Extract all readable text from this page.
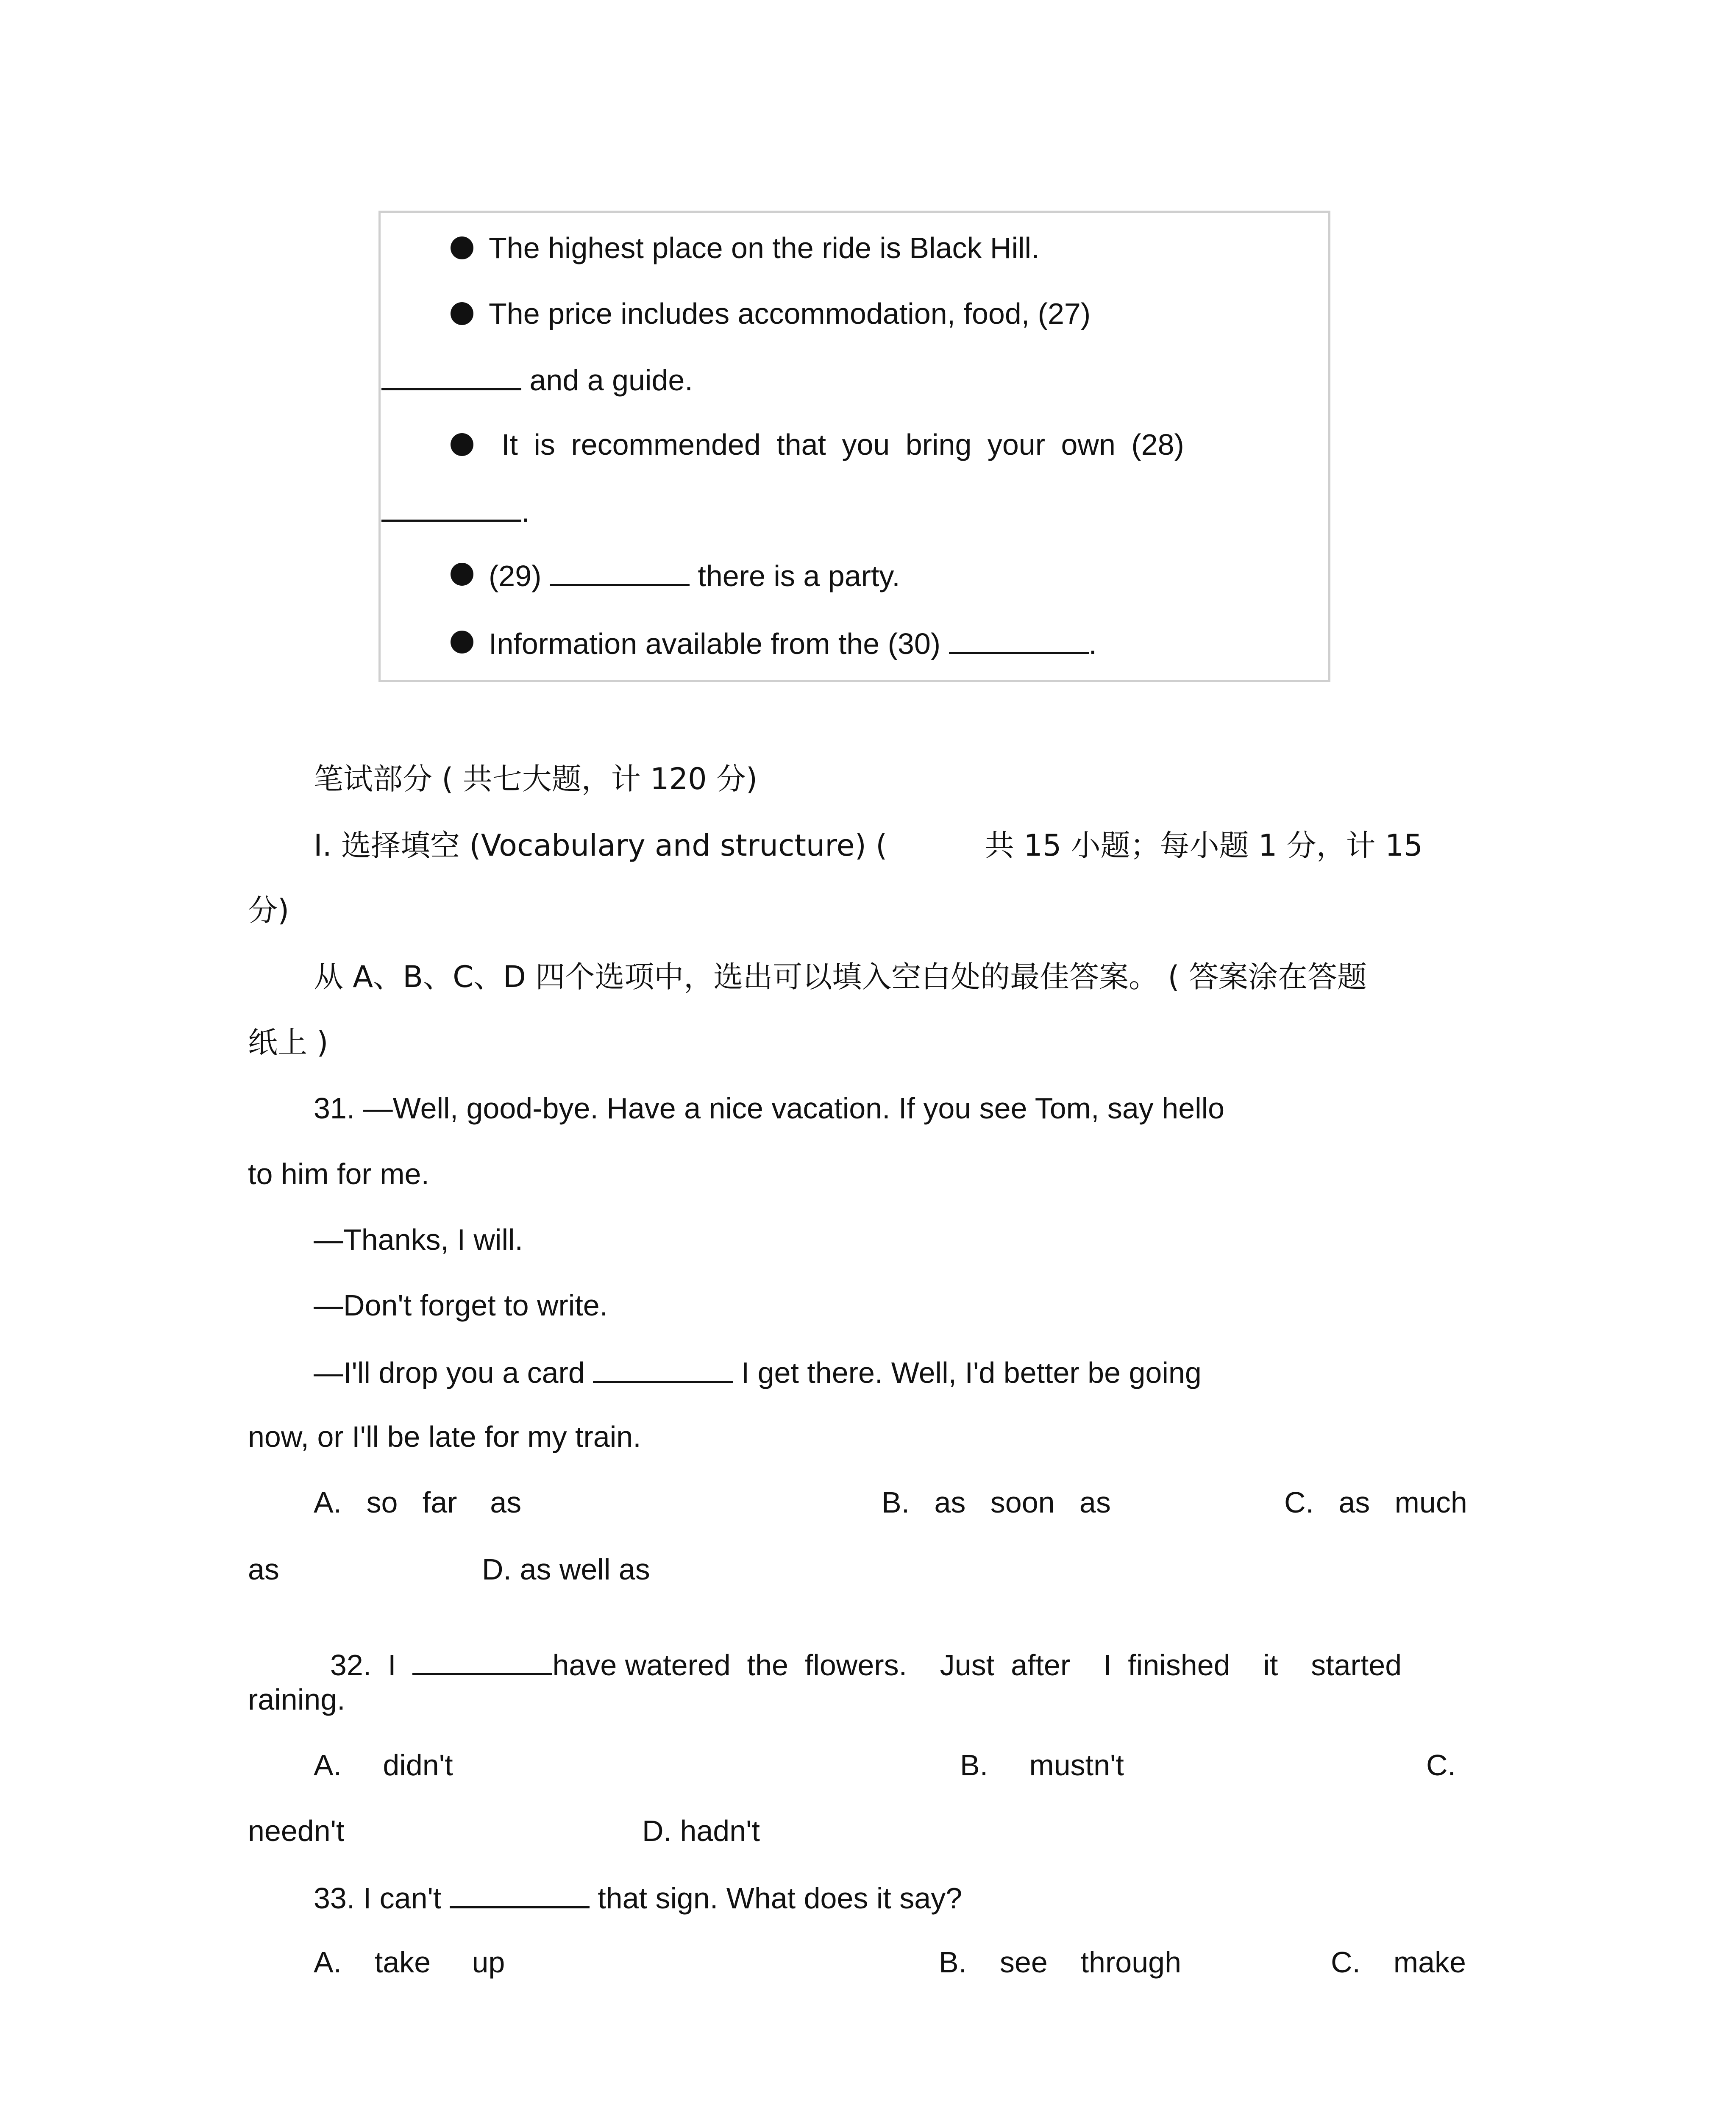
The highest place on the ride is Black Hill.
The price includes accommodation, food, (27)
and a guide.
It is recommended that you bring your own (28)
.
(29)	there is a party.
Information available from the (30)	.
笔试部分 ( 共七大题，计 120 分)
I. 选择填空 (Vocabulary and structure) (	共 15 小题；每小题 1 分，计 15
分)
从 A、B、C、D 四个选项中，选出可以填入空白处的最佳答案。 ( 答案涂在答题
纸上 )
31. —Well, good-bye. Have a nice vacation. If you see Tom, say hello
to him for me.
—Thanks, I will.
—Don't forget to write.
—I'll drop you a card	I get there. Well, I'd better be going
now, or I'll be late for my train.
A.   so   far    as	B.   as   soon   as	C.   as   much
as	D. as well as

32.  I	have watered  the  flowers.    Just  after    I  finished    it    started

raining.
A.     didn't	B.     mustn't	C.
needn't	D. hadn't
33. I can't	that sign. What does it say?
A.    take     up	B.    see    through	C.    make
